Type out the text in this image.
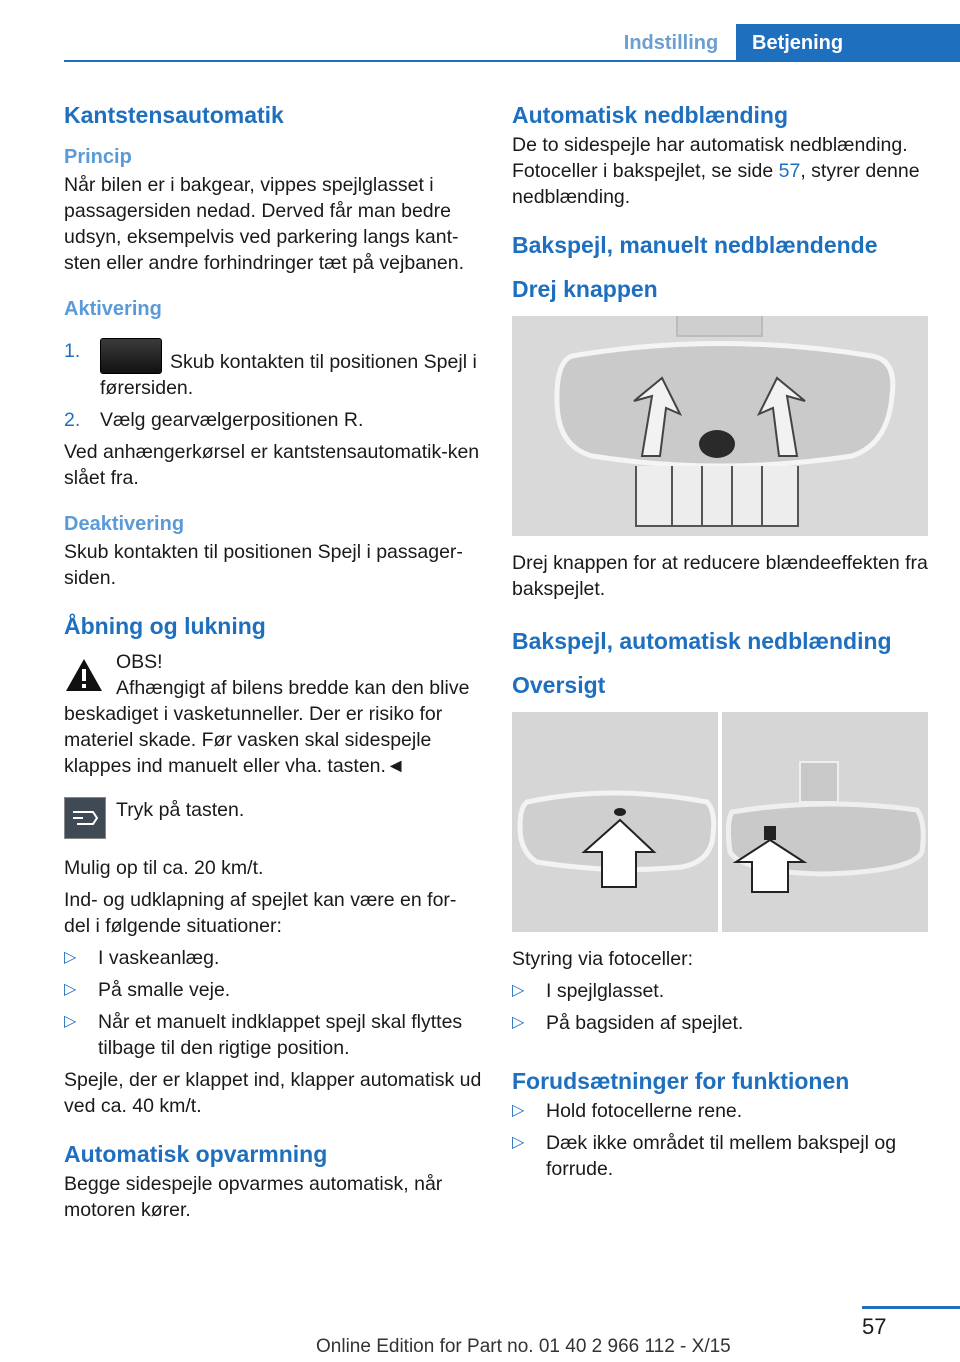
Indstilling	Betjening
Kantstensautomatik
Princip

Når bilen er i bakgear, vippes spejlglasset i passagersiden nedad. Derved får man bedre udsyn, eksempelvis ved parkering langs kant-sten eller andre forhindringer tæt på vejbanen.

Aktivering
1.	Skub kontakten til positionen Spejl i førersiden.
2. Vælg gearvælgerpositionen R.

Ved anhængerkørsel er kantstensautomatik-ken slået fra.

Deaktivering

Skub kontakten til positionen Spejl i passager-siden.

Åbning og lukning

OBS!

Afhængigt af bilens bredde kan den blive

beskadiget i vasketunneller. Der er risiko for materiel skade. Før vasken skal sidespejle klappes ind manuelt eller vha. tasten.◄

Tryk på tasten.

Mulig op til ca. 20 km/t.

Ind- og udklapning af spejlet kan være en for-del i følgende situationer:

▷ I vaskeanlæg.
▷ På smalle veje.
▷ Når et manuelt indklappet spejl skal flyttes tilbage til den rigtige position.

Spejle, der er klappet ind, klapper automatisk ud ved ca. 40 km/t.

Automatisk opvarmning

Begge sidespejle opvarmes automatisk, når motoren kører.

Automatisk nedblænding

De to sidespejle har automatisk nedblænding. Fotoceller i bakspejlet, se side 57, styrer denne nedblænding.

Bakspejl, manuelt nedblændende
Drej knappen

Drej knappen for at reducere blændeeffekten fra bakspejlet.

Bakspejl, automatisk nedblænding
Oversigt

Styring via fotoceller:

▷ I spejlglasset.
▷ På bagsiden af spejlet.
Forudsætninger for funktionen
▷ Hold fotocellerne rene.
▷ Dæk ikke området til mellem bakspejl og forrude.
57
Online Edition for Part no. 01 40 2 966 112 - X/15
